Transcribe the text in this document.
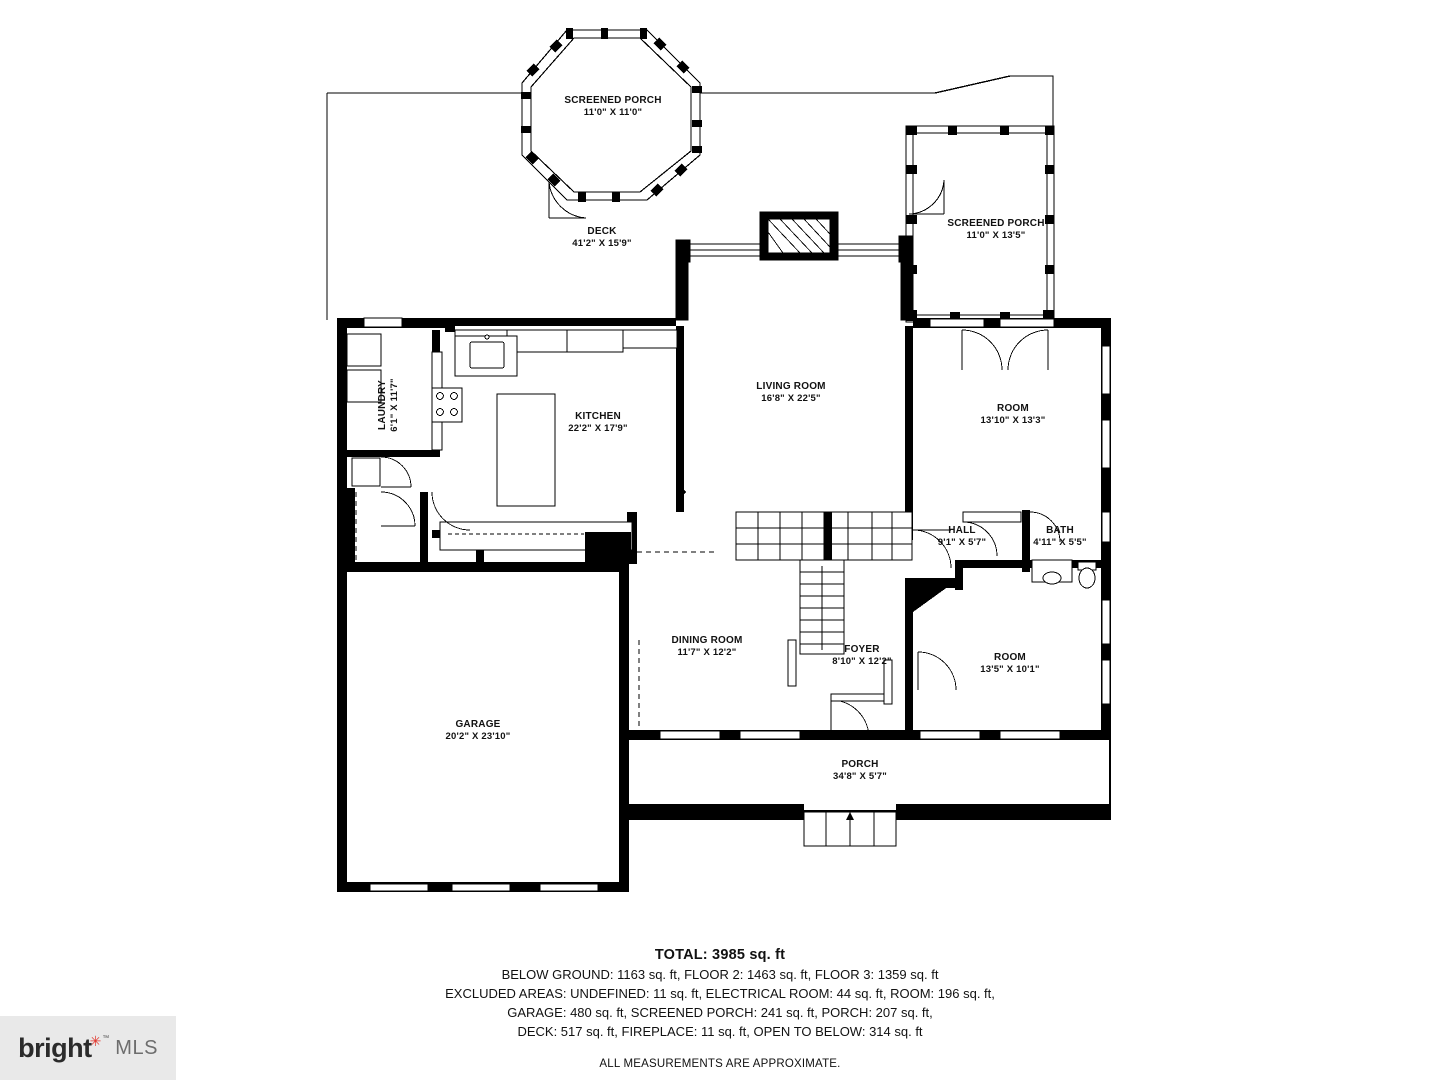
SCREENED PORCH
11'0" X 11'0"
DECK
41'2" X 15'9"
SCREENED PORCH
11'0" X 13'5"
LAUNDRY 6'1" X 11'7"	KITCHEN
22'2" X 17'9"
LIVING ROOM
16'8" X 22'5"
ROOM
13'10" X 13'3"
HALL
9'1" X 5'7"
BATH
4'11" X 5'5"
DINING ROOM
11'7" X 12'2"	FOYER
8'10" X 12'2"	ROOM
13'5" X 10'1"
GARAGE
20'2" X 23'10"
PORCH
34'8" X 5'7"
TOTAL: 3985 sq. ft
BELOW GROUND: 1163 sq. ft, FLOOR 2: 1463 sq. ft, FLOOR 3: 1359 sq. ft
EXCLUDED AREAS: UNDEFINED: 11 sq. ft, ELECTRICAL ROOM: 44 sq. ft, ROOM: 196 sq. ft,
GARAGE: 480 sq. ft, SCREENED PORCH: 241 sq. ft, PORCH: 207 sq. ft,
DECK: 517 sq. ft, FIREPLACE: 11 sq. ft, OPEN TO BELOW: 314 sq. ft
ALL MEASUREMENTS ARE APPROXIMATE.
bright
✳ ™ MLS
